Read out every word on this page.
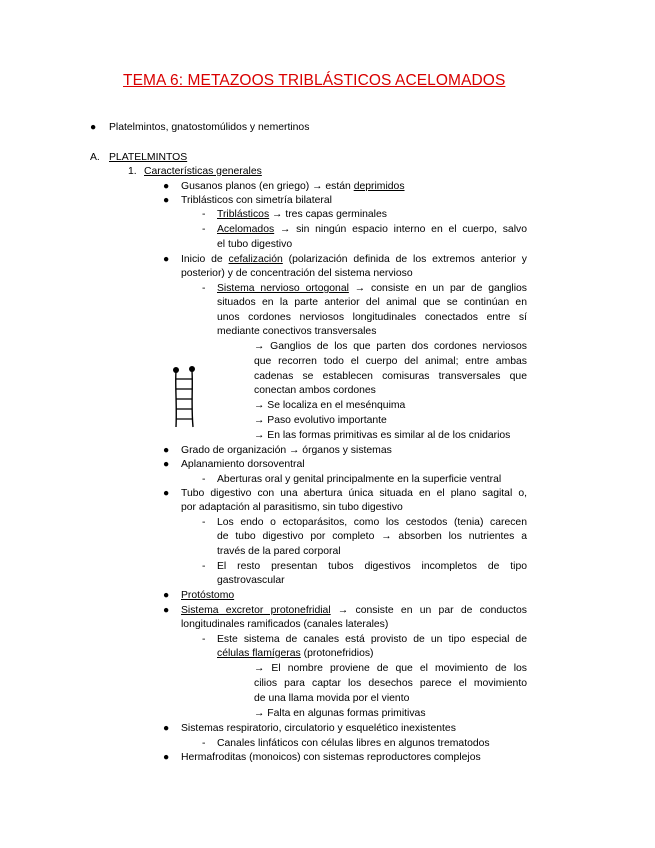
TEMA 6: METAZOOS TRIBLÁSTICOS ACELOMADOS
● Platelmintos, gnatostomúlidos y nemertinos
A. PLATELMINTOS
1. Características generales
● Gusanos planos (en griego) → están deprimidos
● Triblásticos con simetría bilateral
- Triblásticos → tres capas germinales
- Acelomados → sin ningún espacio interno en el cuerpo, salvo
el tubo digestivo
● Inicio de cefalización (polarización definida de los extremos anterior y
posterior) y de concentración del sistema nervioso
- Sistema nervioso ortogonal → consiste en un par de ganglios
situados en la parte anterior del animal que se continúan en
unos cordones nerviosos longitudinales conectados entre sí
mediante conectivos transversales
→ Ganglios de los que parten dos cordones nerviosos
que recorren todo el cuerpo del animal; entre ambas
cadenas se establecen comisuras transversales que
conectan ambos cordones
→ Se localiza en el mesénquima
→ Paso evolutivo importante
→ En las formas primitivas es similar al de los cnidarios
● Grado de organización → órganos y sistemas
● Aplanamiento dorsoventral
- Aberturas oral y genital principalmente en la superficie ventral
● Tubo digestivo con una abertura única situada en el plano sagital o,
por adaptación al parasitismo, sin tubo digestivo
- Los endo o ectoparásitos, como los cestodos (tenia) carecen
de tubo digestivo por completo → absorben los nutrientes a
través de la pared corporal
- El resto presentan tubos digestivos incompletos de tipo
gastrovascular
● Protóstomo
● Sistema excretor protonefridial → consiste en un par de conductos
longitudinales ramificados (canales laterales)
- Este sistema de canales está provisto de un tipo especial de
células flamígeras (protonefridios)
→ El nombre proviene de que el movimiento de los
cilios para captar los desechos parece el movimiento
de una llama movida por el viento
→ Falta en algunas formas primitivas
● Sistemas respiratorio, circulatorio y esquelético inexistentes
- Canales linfáticos con células libres en algunos trematodos
● Hermafroditas (monoicos) con sistemas reproductores complejos
